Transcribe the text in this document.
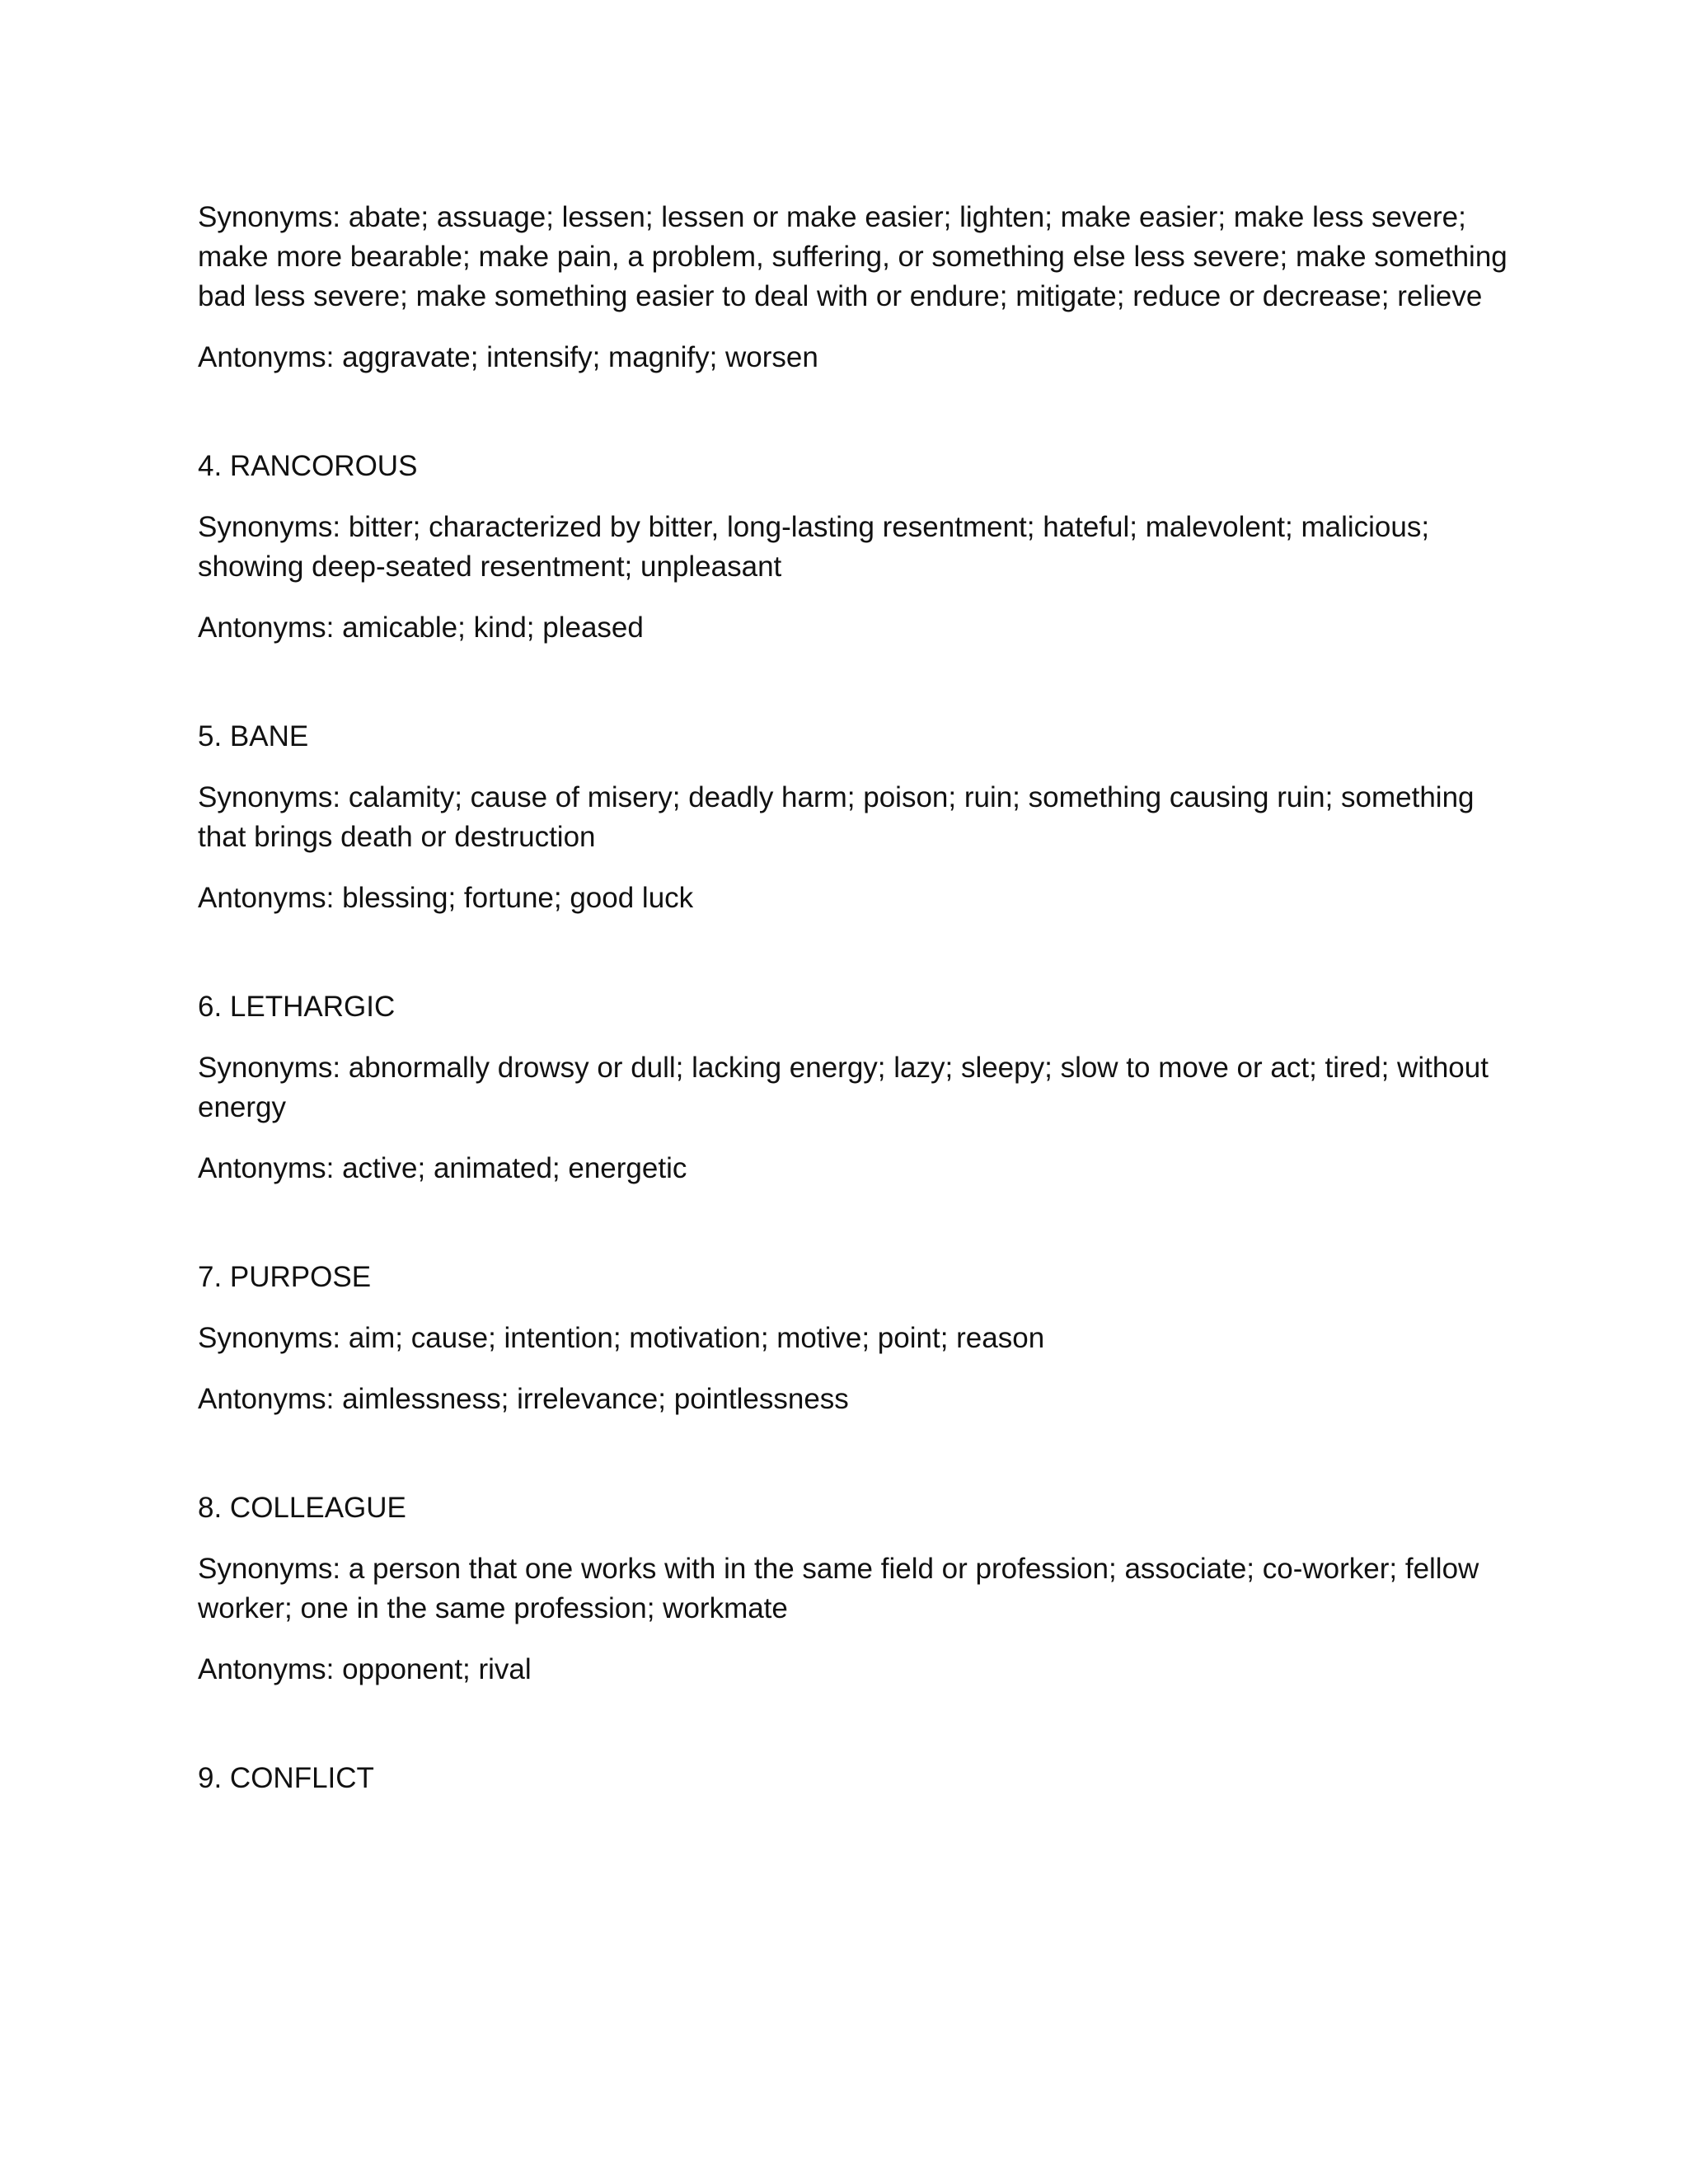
Synonyms: abate; assuage; lessen; lessen or make easier; lighten; make easier; make less severe; make more bearable; make pain, a problem, suffering, or something else less severe; make something bad less severe; make something easier to deal with or endure; mitigate; reduce or decrease; relieve

Antonyms: aggravate; intensify; magnify; worsen

4. RANCOROUS

Synonyms: bitter; characterized by bitter, long-lasting resentment; hateful; malevolent; malicious; showing deep-seated resentment; unpleasant

Antonyms: amicable; kind; pleased

5. BANE

Synonyms: calamity; cause of misery; deadly harm; poison; ruin; something causing ruin; something that brings death or destruction

Antonyms: blessing; fortune; good luck

6. LETHARGIC

Synonyms: abnormally drowsy or dull; lacking energy; lazy; sleepy; slow to move or act; tired; without energy

Antonyms: active; animated; energetic

7. PURPOSE

Synonyms: aim; cause; intention; motivation; motive; point; reason

Antonyms: aimlessness; irrelevance; pointlessness

8. COLLEAGUE

Synonyms: a person that one works with in the same field or profession; associate; co-worker; fellow worker; one in the same profession; workmate

Antonyms: opponent; rival

9. CONFLICT
